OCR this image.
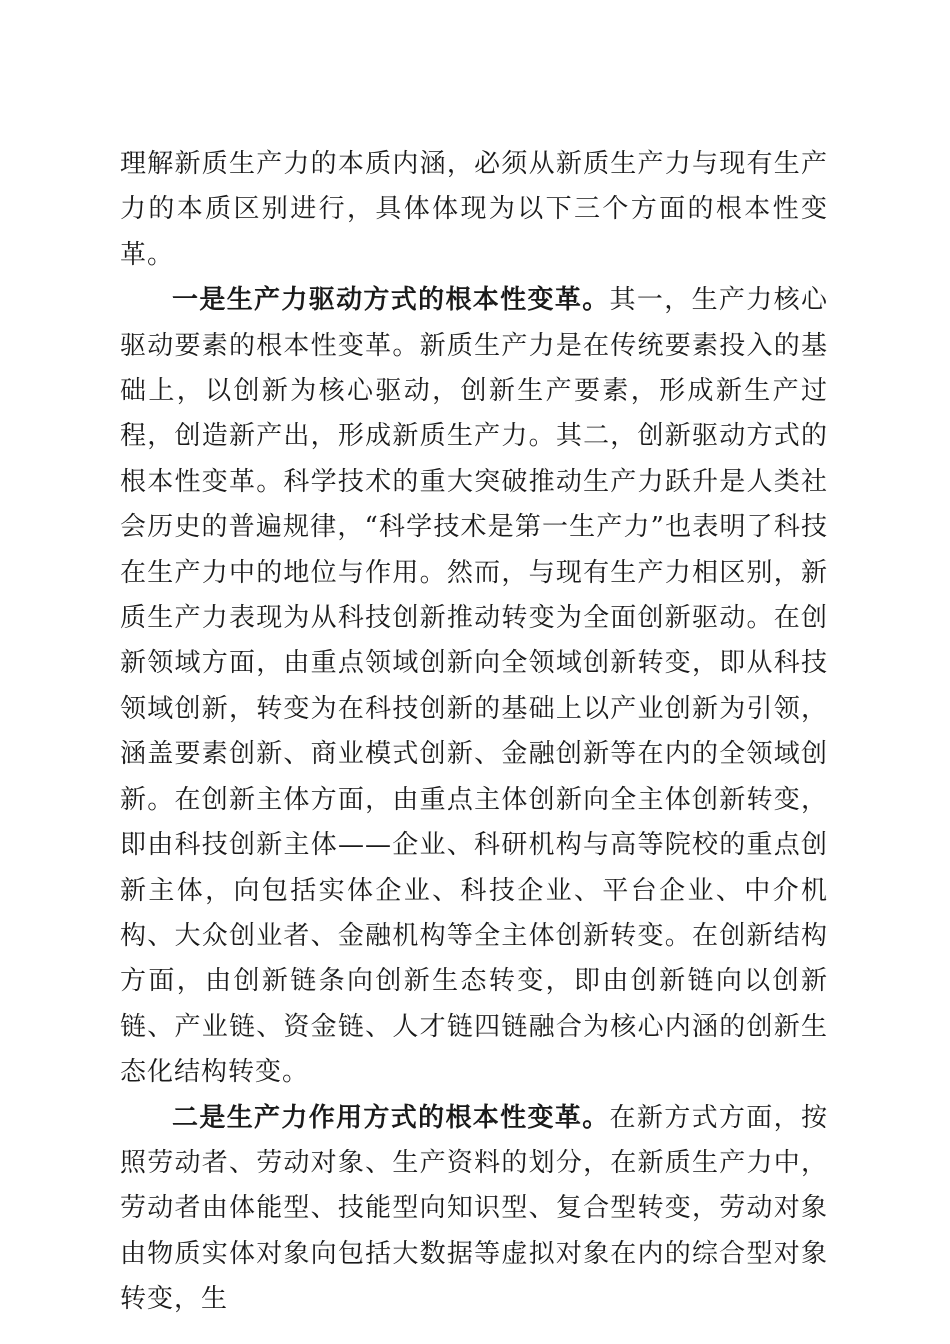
理解新质生产力的本质内涵，必须从新质生产力与现有生产力的本质区别进行，具体体现为以下三个方面的根本性变革。

一是生产力驱动方式的根本性变革。其一，生产力核心驱动要素的根本性变革。新质生产力是在传统要素投入的基础上，以创新为核心驱动，创新生产要素，形成新生产过程，创造新产出，形成新质生产力。其二，创新驱动方式的根本性变革。科学技术的重大突破推动生产力跃升是人类社会历史的普遍规律，“科学技术是第一生产力”也表明了科技在生产力中的地位与作用。然而，与现有生产力相区别，新质生产力表现为从科技创新推动转变为全面创新驱动。在创新领域方面，由重点领域创新向全领域创新转变，即从科技领域创新，转变为在科技创新的基础上以产业创新为引领，涵盖要素创新、商业模式创新、金融创新等在内的全领域创新。在创新主体方面，由重点主体创新向全主体创新转变，即由科技创新主体——企业、科研机构与高等院校的重点创新主体，向包括实体企业、科技企业、平台企业、中介机构、大众创业者、金融机构等全主体创新转变。在创新结构方面，由创新链条向创新生态转变，即由创新链向以创新链、产业链、资金链、人才链四链融合为核心内涵的创新生态化结构转变。

二是生产力作用方式的根本性变革。在新方式方面，按照劳动者、劳动对象、生产资料的划分，在新质生产力中，劳动者由体能型、技能型向知识型、复合型转变，劳动对象由物质实体对象向包括大数据等虚拟对象在内的综合型对象转变，生
